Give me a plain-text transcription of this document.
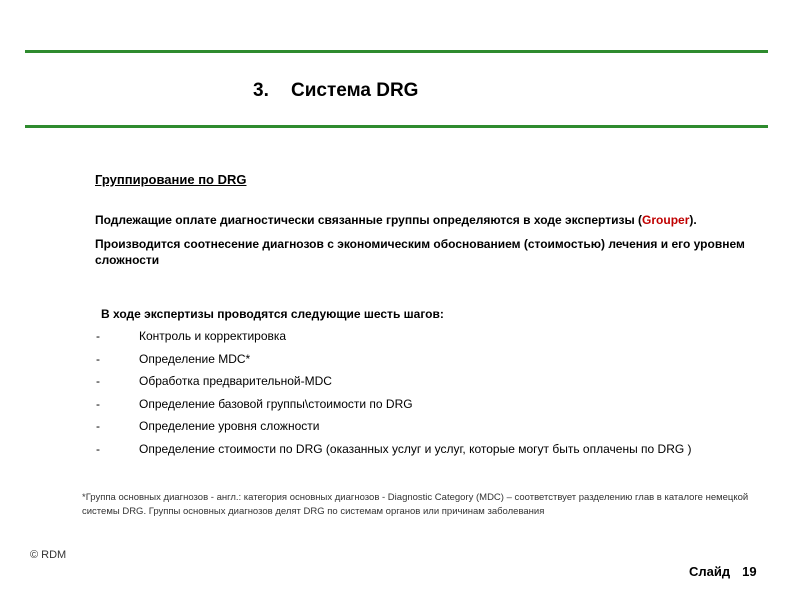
3. Система DRG
Группирование по DRG
Подлежащие оплате диагностически связанные группы определяются в ходе экспертизы (Grouper).
Производится соотнесение диагнозов с экономическим обоснованием (стоимостью) лечения и его уровнем сложности
В ходе экспертизы проводятся следующие шесть шагов:
-	Контроль и корректировка
-	Определение MDC*
-	Обработка предварительной-MDC
-	Определение базовой группы\стоимости по DRG
-	Определение уровня сложности
-	Определение стоимости по DRG (оказанных услуг и услуг, которые могут быть оплачены по DRG )
*Группа основных диагнозов - англ.: категория основных диагнозов - Diagnostic Category (MDC) – соответствует разделению глав в каталоге немецкой системы DRG. Группы основных диагнозов делят DRG по системам органов или причинам заболевания
© RDM
Слайд 19
